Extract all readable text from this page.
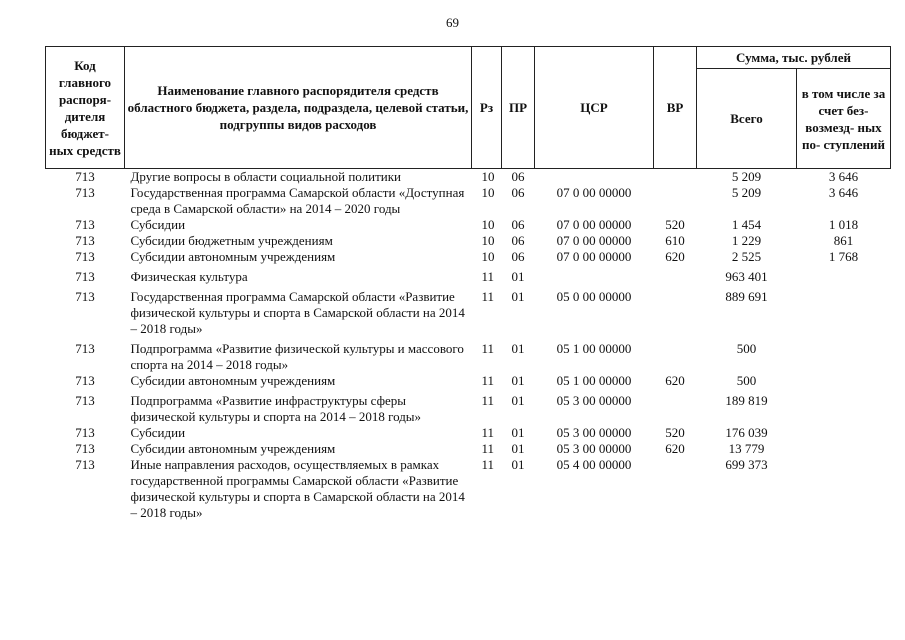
69
Код главного распоря- дителя бюджет- ных средств	Наименование главного распорядителя средств областного бюджета, раздела, подраздела, целевой статьи, подгруппы видов расходов	Рз	ПР	ЦСР	ВР	Сумма, тыс. рублей	
						Всего	в том числе за счет без- возмезд- ных по- ступлений
713	Другие вопросы в области социальной политики	10	06			5 209	3 646
713	Государственная программа Самарской области «Доступная среда в Самарской области» на 2014 – 2020 годы	10	06	07 0 00 00000		5 209	3 646
713	Субсидии	10	06	07 0 00 00000	520	1 454	1 018
713	Субсидии бюджетным учреждениям	10	06	07 0 00 00000	610	1 229	861
713	Субсидии автономным учреждениям	10	06	07 0 00 00000	620	2 525	1 768
713	Физическая культура	11	01			963 401	
713	Государственная программа Самарской области «Развитие физической культуры и спорта в Самарской области на 2014 – 2018 годы»	11	01	05 0 00 00000		889 691	
713	Подпрограмма «Развитие физической культуры и массового спорта на 2014 – 2018 годы»	11	01	05 1 00 00000		500	
713	Субсидии автономным учреждениям	11	01	05 1 00 00000	620	500	
713	Подпрограмма «Развитие инфраструктуры сферы физической культуры и спорта на 2014 – 2018 годы»	11	01	05 3 00 00000		189 819	
713	Субсидии	11	01	05 3 00 00000	520	176 039	
713	Субсидии автономным учреждениям	11	01	05 3 00 00000	620	13 779	
713	Иные направления расходов, осуществляемых в рамках государственной программы Самарской области «Развитие физической культуры и спорта в Самарской области на 2014 – 2018 годы»	11	01	05 4 00 00000		699 373	
